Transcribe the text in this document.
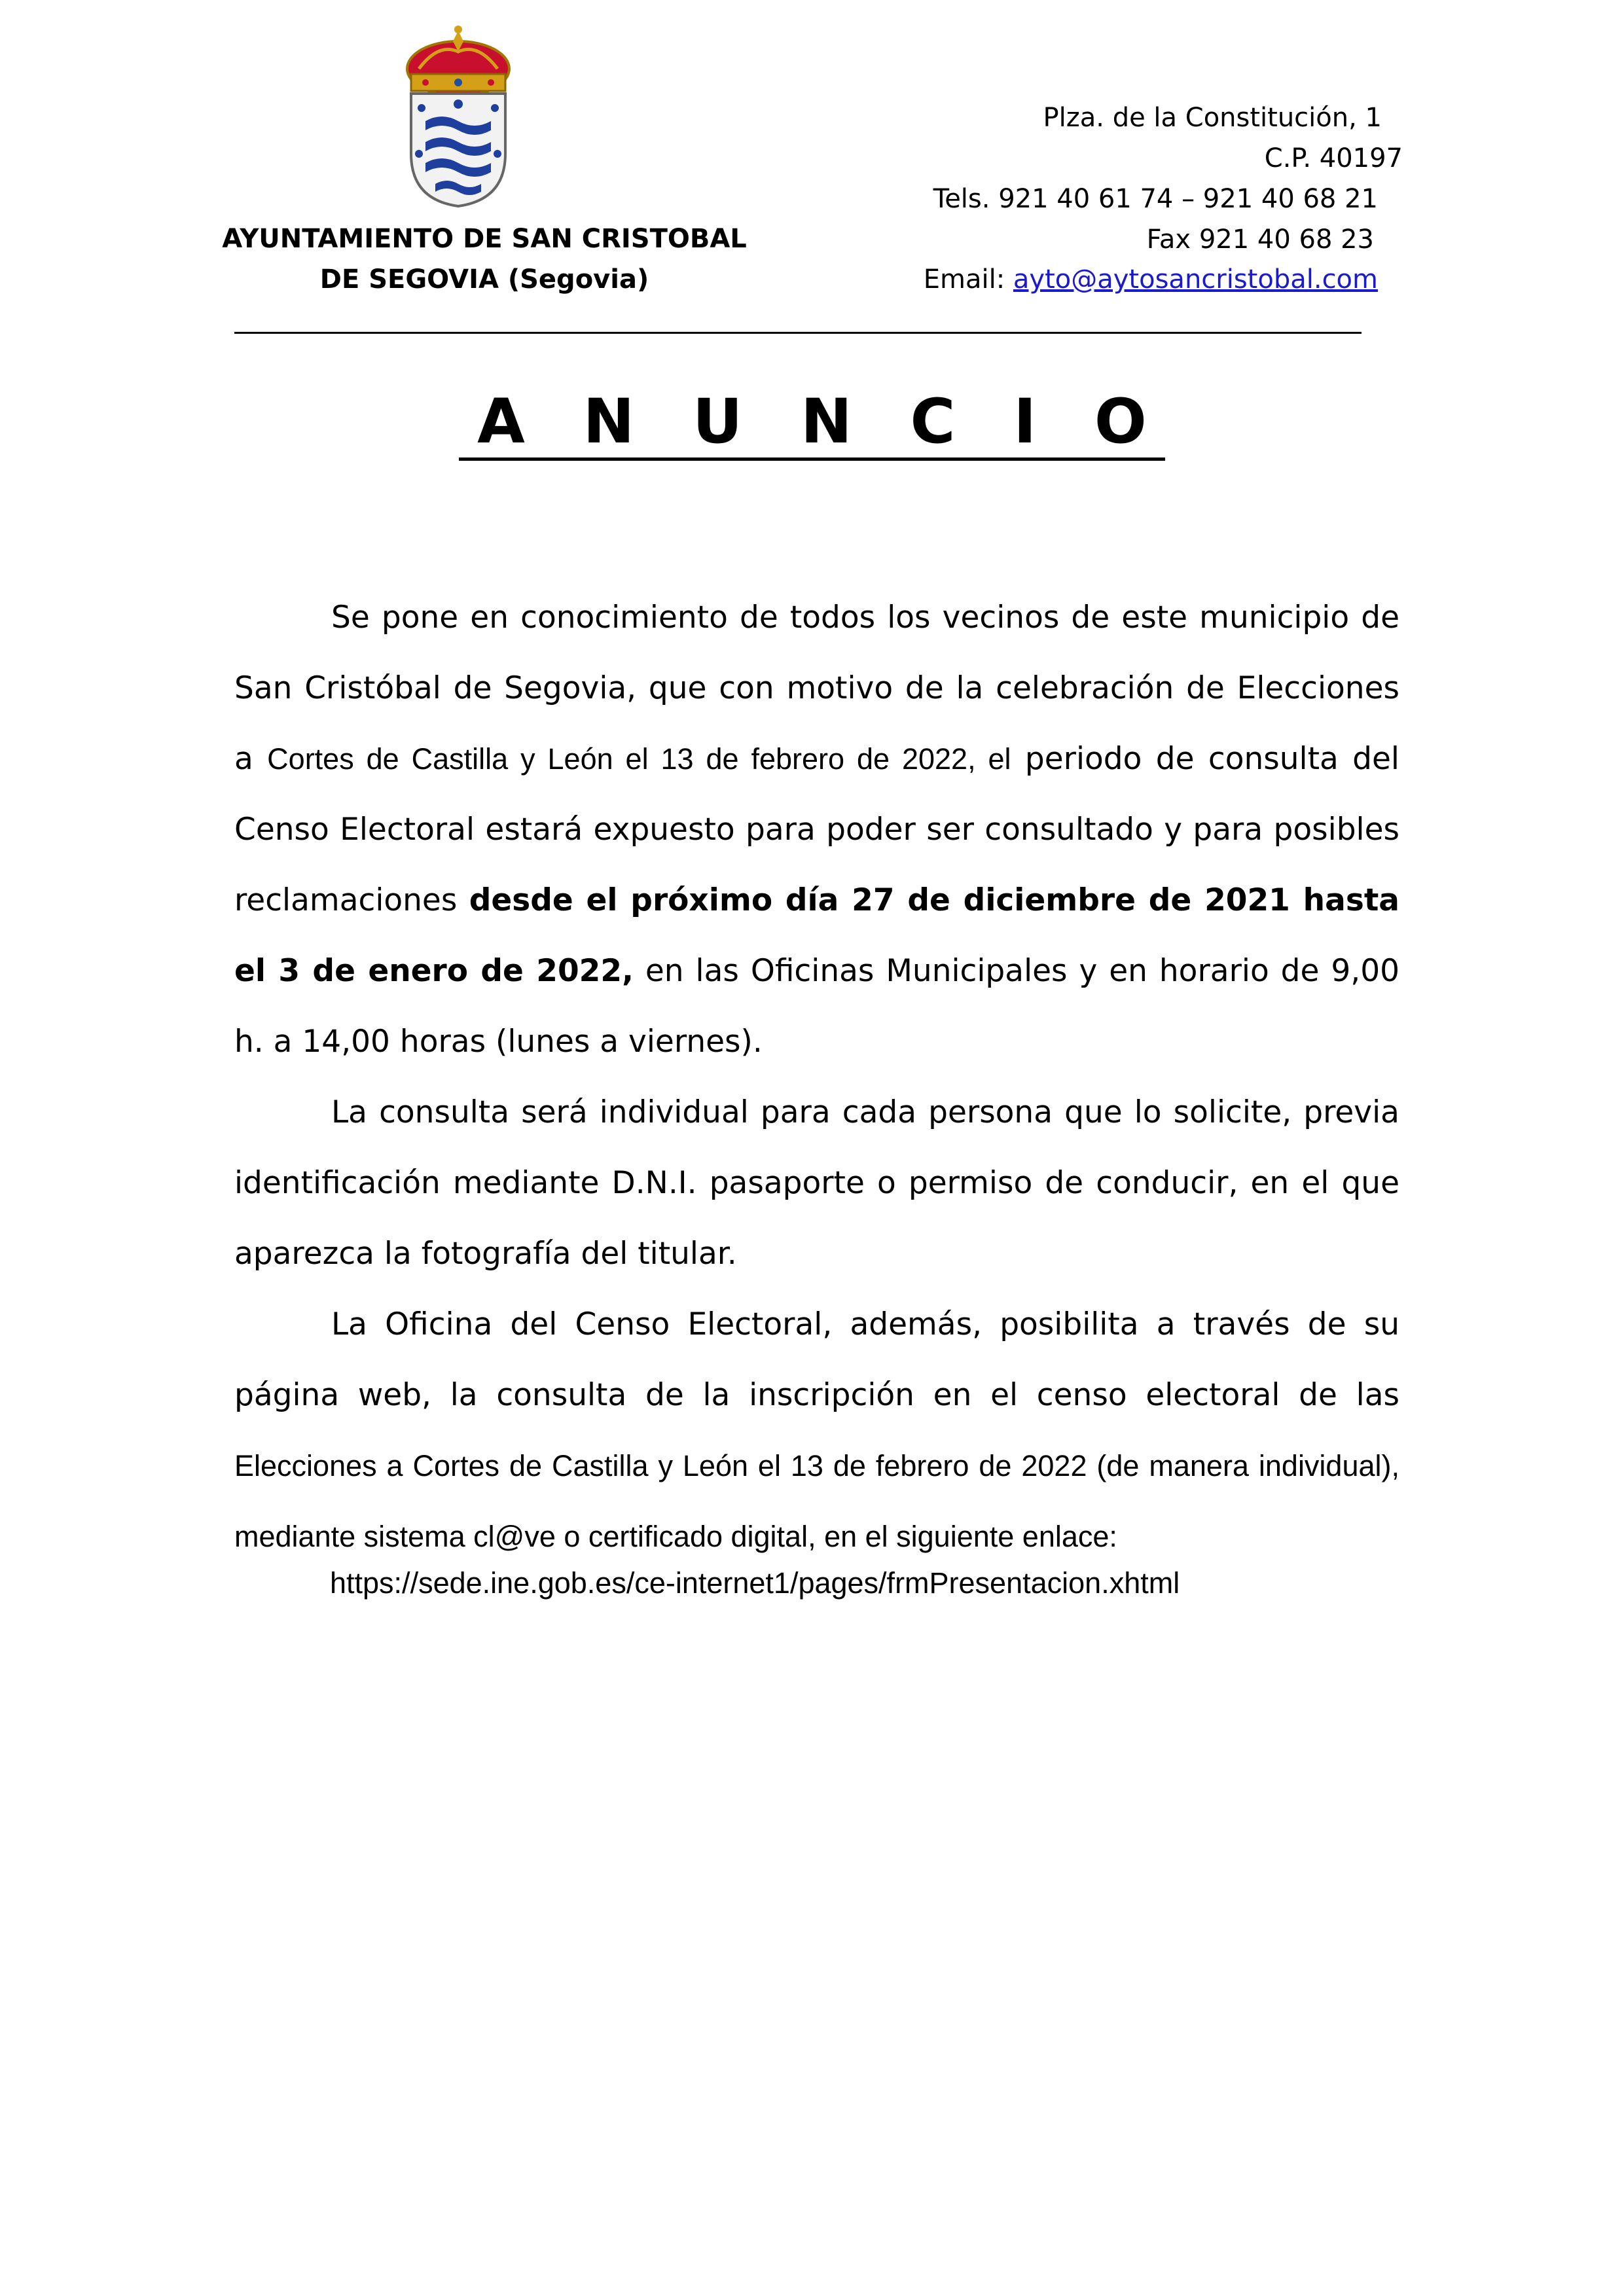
AYUNTAMIENTO DE SAN CRISTOBAL
DE SEGOVIA (Segovia)
Plza. de la Constitución, 1
C.P. 40197
Tels. 921 40 61 74 – 921 40 68 21
Fax 921 40 68 23
Email: ayto@aytosancristobal.com
A N U N C I O

Se pone en conocimiento de todos los vecinos de este municipio de San Cristóbal de Segovia, que con motivo de la celebración de Elecciones a Cortes de Castilla y León el 13 de febrero de 2022, el periodo de consulta del Censo Electoral estará expuesto para poder ser consultado y para posibles reclamaciones desde el próximo día 27 de diciembre de 2021 hasta el 3 de enero de 2022, en las Oficinas Municipales y en horario de 9,00 h. a 14,00 horas (lunes a viernes).

La consulta será individual para cada persona que lo solicite, previa identificación mediante D.N.I. pasaporte o permiso de conducir, en el que aparezca la fotografía del titular.

La Oficina del Censo Electoral, además, posibilita a través de su página web, la consulta de la inscripción en el censo electoral de las Elecciones a Cortes de Castilla y León el 13 de febrero de 2022 (de manera individual), mediante sistema cl@ve o certificado digital, en el siguiente enlace:

https://sede.ine.gob.es/ce-internet1/pages/frmPresentacion.xhtml
